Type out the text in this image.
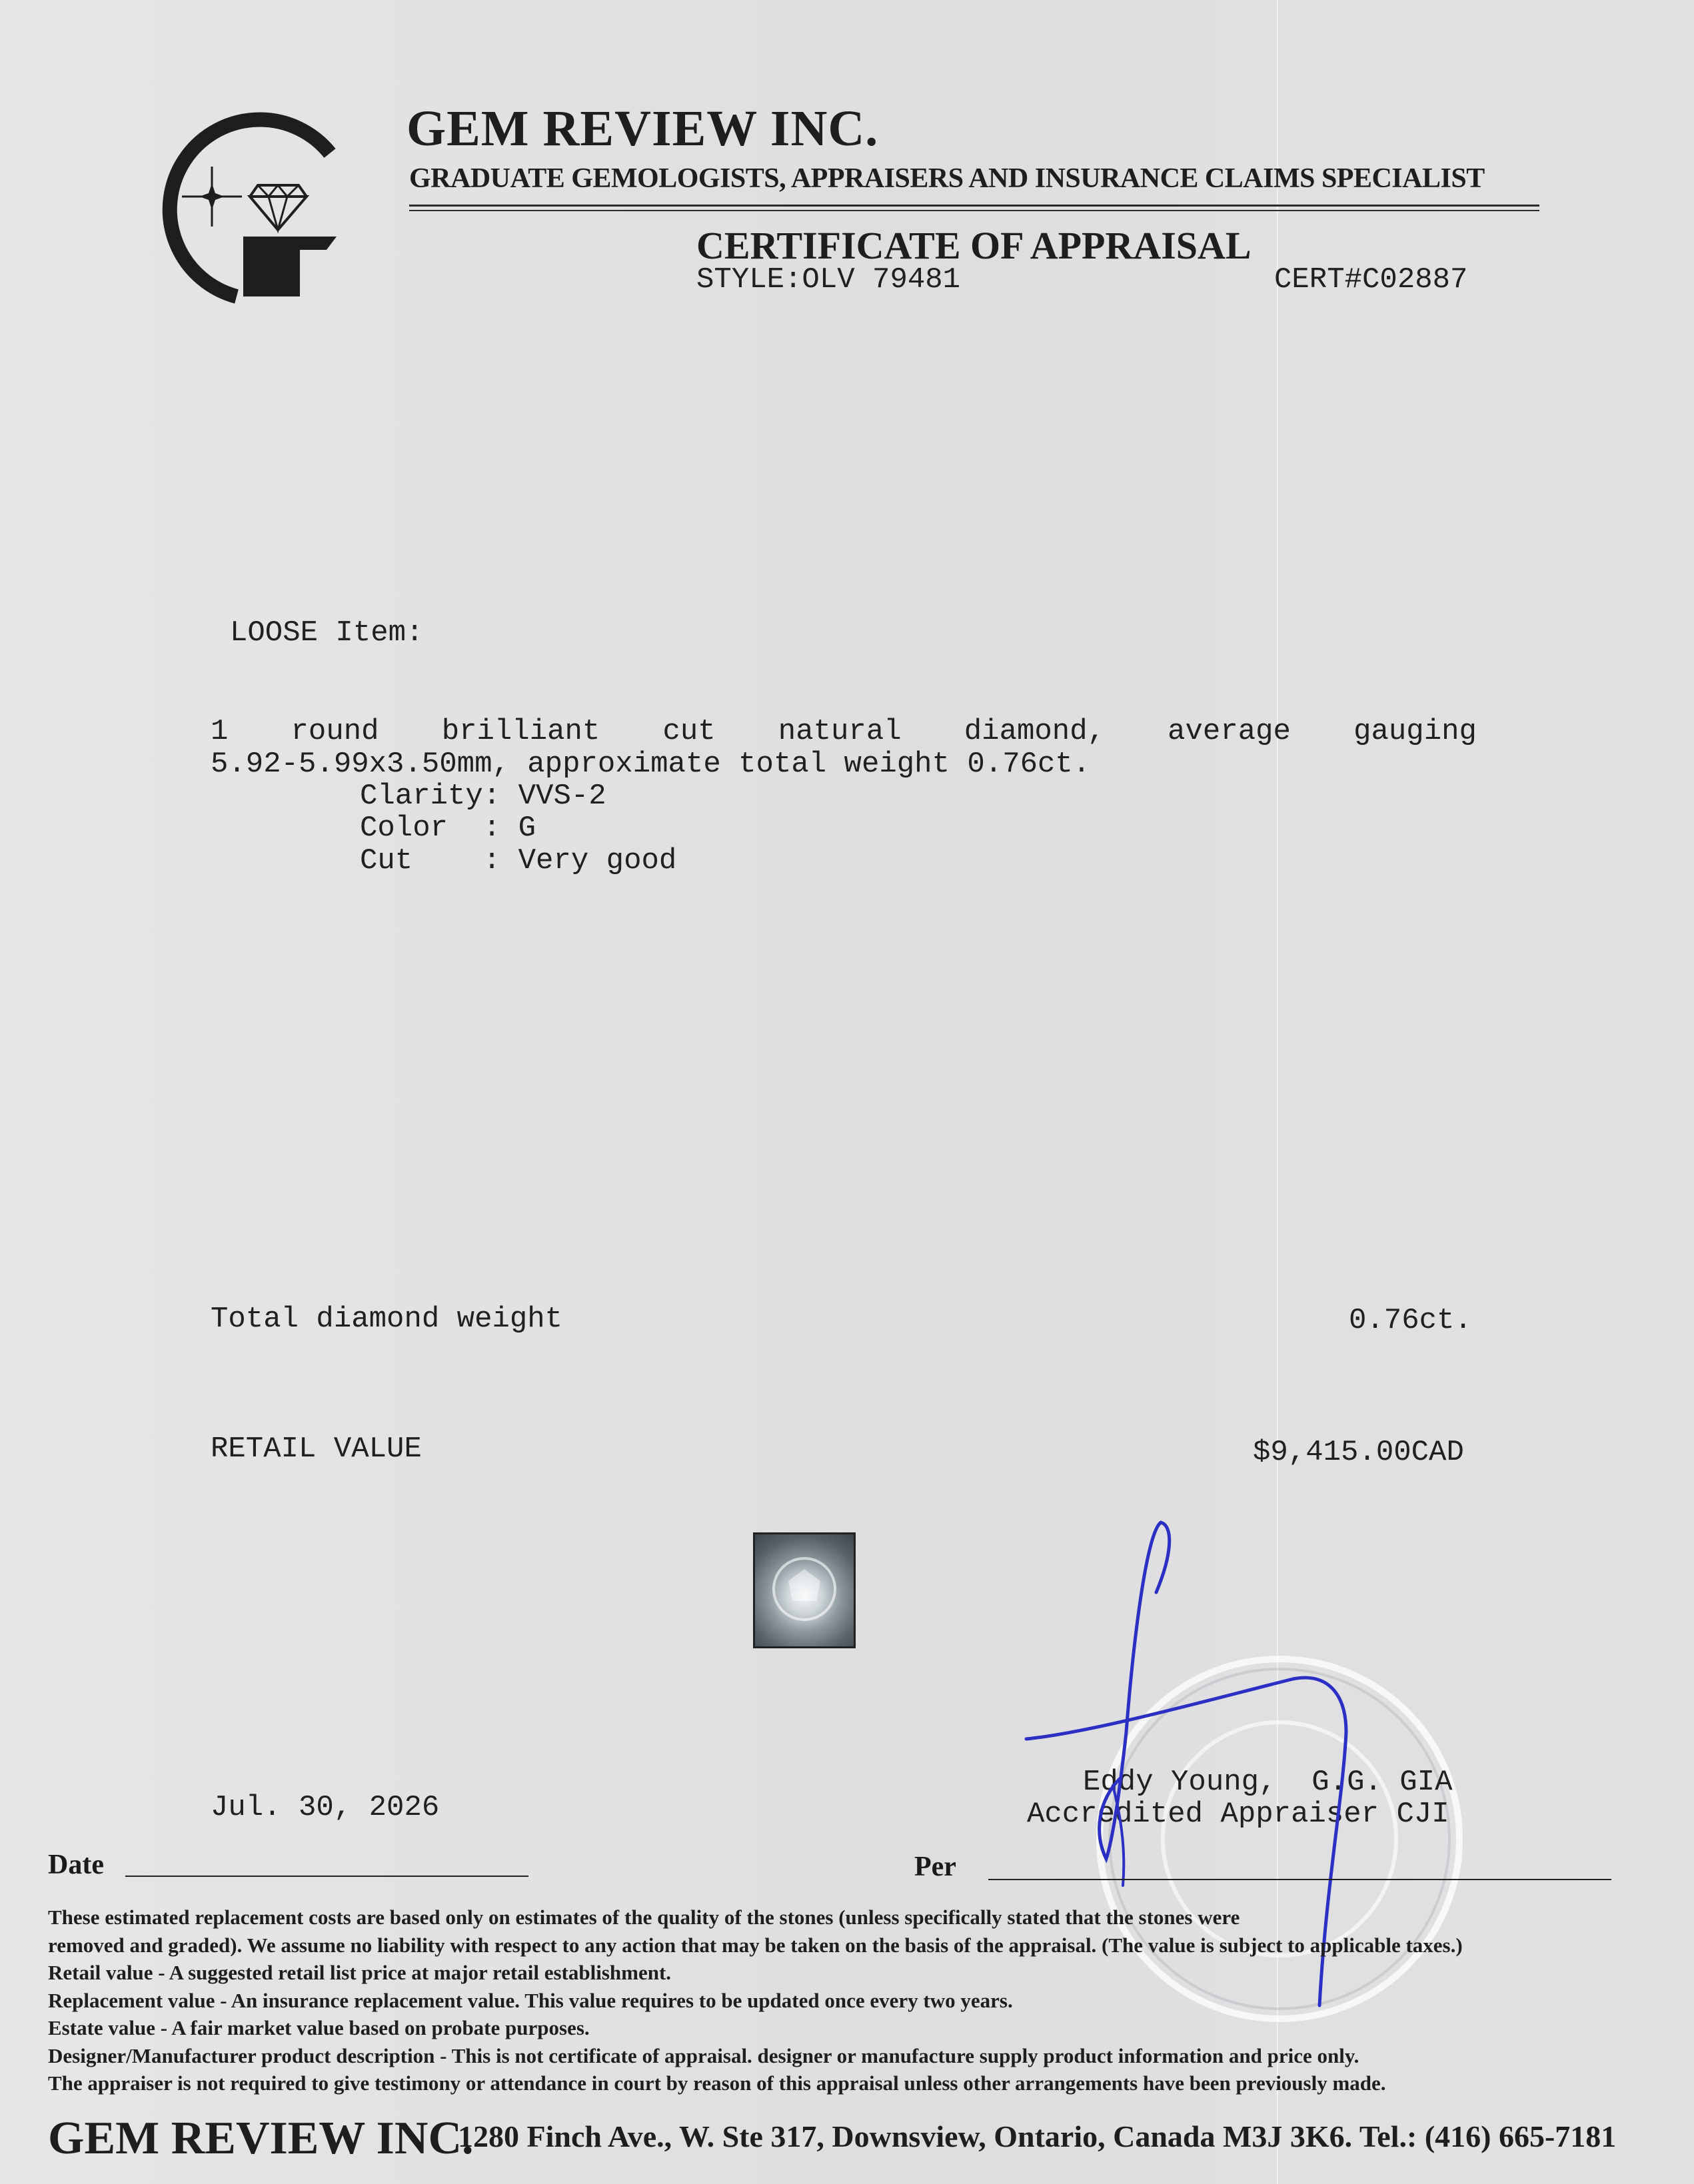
GEM REVIEW INC.
GRADUATE GEMOLOGISTS, APPRAISERS AND INSURANCE CLAIMS SPECIALIST
CERTIFICATE OF APPRAISAL
STYLE:OLV 79481	CERT#C02887
LOOSE Item:
1 round brilliant cut natural diamond, average gauging
5.92-5.99x3.50mm, approximate total weight 0.76ct.
Clarity: VVS-2
Color  : G
Cut    : Very good
Total diamond weight	0.76ct.
RETAIL VALUE	$9,415.00CAD
Jul. 30, 2026
Eddy Young,  G.G. GIA
Accredited Appraiser CJI
Date	Per
These estimated replacement costs are based only on estimates of the quality of the stones (unless specifically stated that the stones were
removed and graded). We assume no liability with respect to any action that may be taken on the basis of the appraisal. (The value is subject to applicable taxes.)
Retail value - A suggested retail list price at major retail establishment.
Replacement value - An insurance replacement value. This value requires to be updated once every two years.
Estate value - A fair market value based on probate purposes.
Designer/Manufacturer product description - This is not certificate of appraisal. designer or manufacture supply product information and price only.
The appraiser is not required to give testimony or attendance in court by reason of this appraisal unless other arrangements have been previously made.
GEM REVIEW INC.
1280 Finch Ave., W. Ste 317, Downsview, Ontario, Canada M3J 3K6. Tel.: (416) 665-7181
